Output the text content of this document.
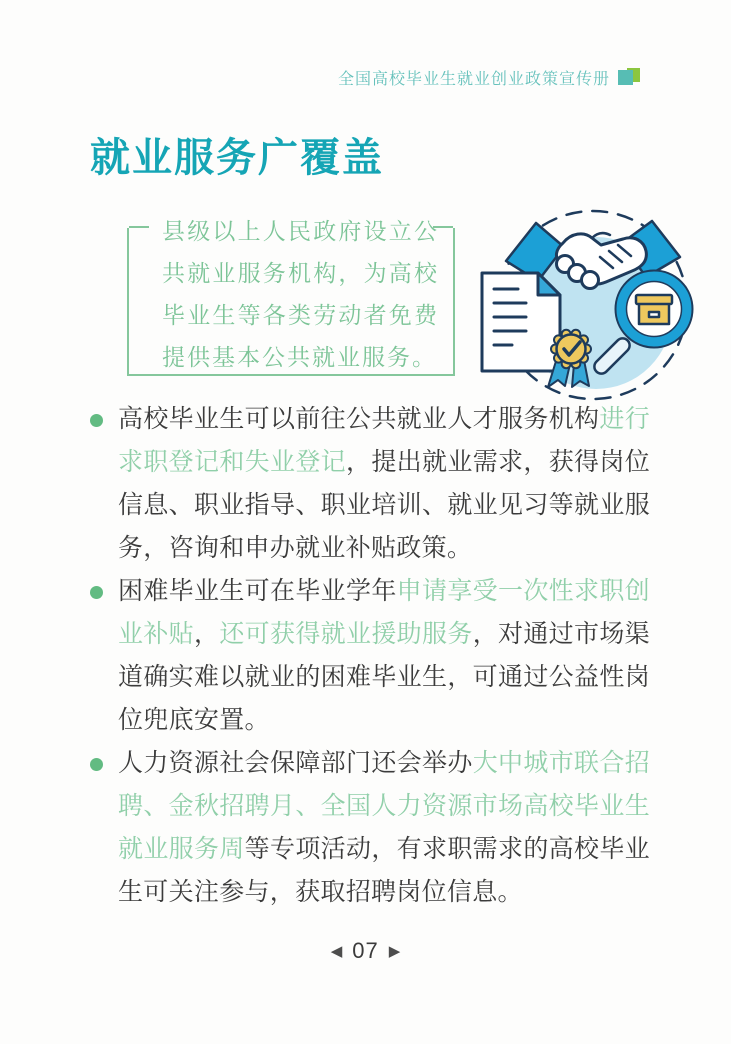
全国高校毕业生就业创业政策宣传册
就业服务广覆盖
县级以上人民政府设立公共就业服务机构，为高校毕业生等各类劳动者免费提供基本公共就业服务。
高校毕业生可以前往公共就业人才服务机构进行求职登记和失业登记，提出就业需求，获得岗位信息、职业指导、职业培训、就业见习等就业服务，咨询和申办就业补贴政策。
困难毕业生可在毕业学年申请享受一次性求职创业补贴，还可获得就业援助服务，对通过市场渠道确实难以就业的困难毕业生，可通过公益性岗位兜底安置。
人力资源社会保障部门还会举办大中城市联合招聘、金秋招聘月、全国人力资源市场高校毕业生就业服务周等专项活动，有求职需求的高校毕业生可关注参与，获取招聘岗位信息。
◀ 07 ▶
